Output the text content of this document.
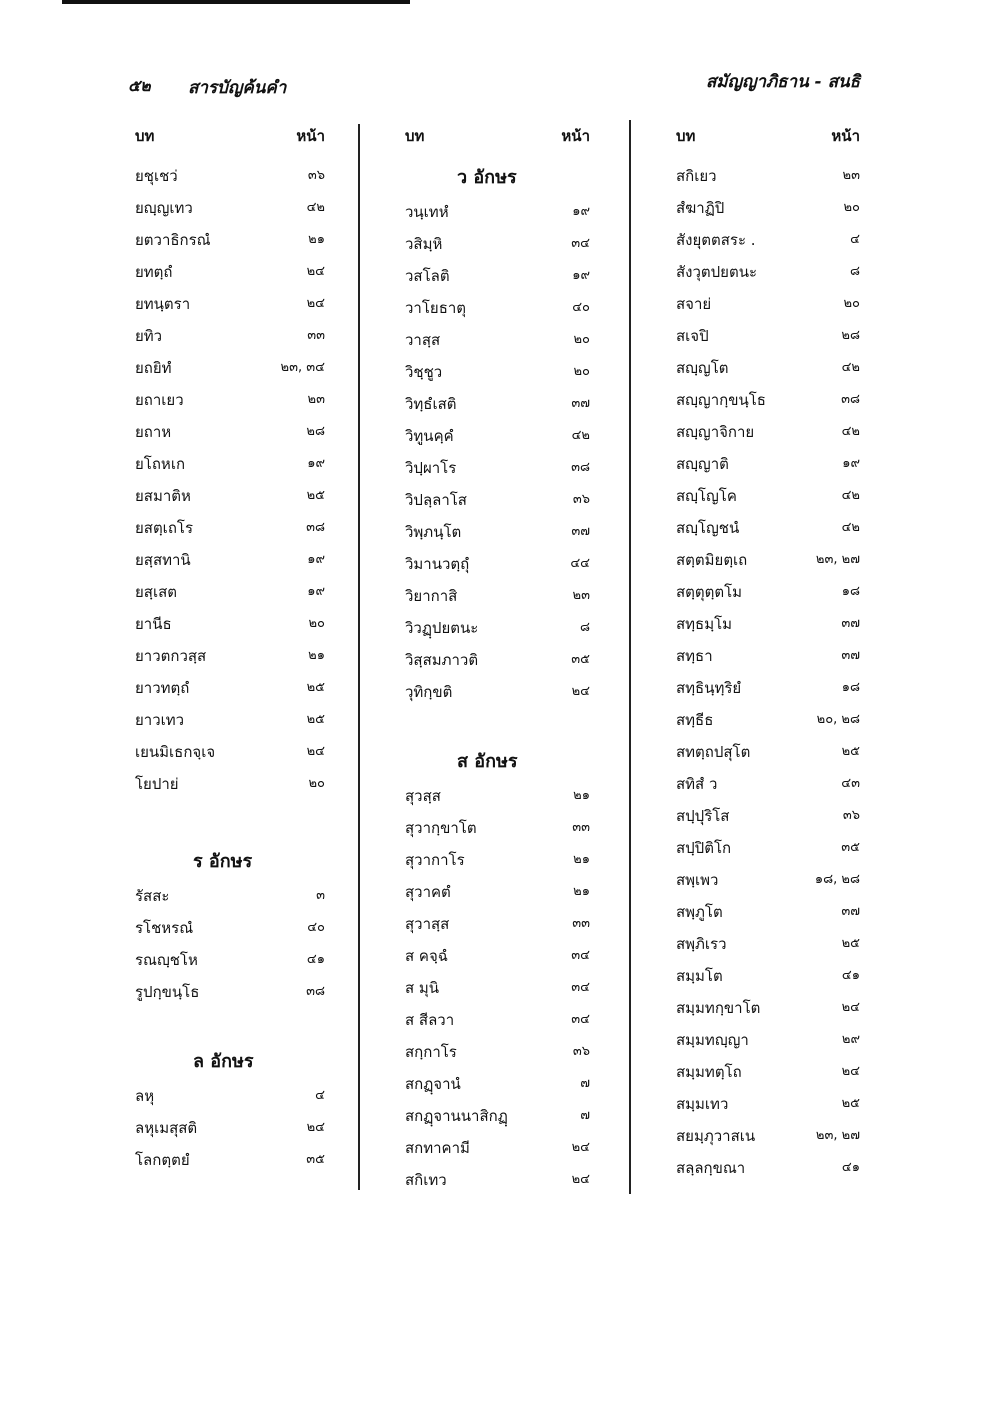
๕๒ สารบัญค้นคำ	สมัญญาภิธาน - สนธิ
บท	หน้า
ยชุเชว่	๓๖
ยญฺญเทว	๔๒
ยตวาธิกรณํ	๒๑
ยทตฺถํ	๒๔
ยทนฺตรา	๒๔
ยทิว	๓๓
ยถยิทํ	๒๓, ๓๔
ยถาเยว	๒๓
ยถาห	๒๘
ยโถหเก	๑๙
ยสมาติห	๒๕
ยสตฺเถโร	๓๘
ยสฺสทานิ	๑๙
ยสฺเสต	๑๙
ยานีธ	๒๐
ยาวตกวสฺส	๒๑
ยาวทตฺถํ	๒๕
ยาวเทว	๒๕
เยนมิเธกจฺเจ	๒๔
โยปาย่	๒๐
ร อักษร
รัสสะ	๓
รโชหรณํ	๔๐
รณญฺชโห	๔๑
รูปกฺขนฺโธ	๓๘
ล อักษร
ลหุ	๔
ลหุเมสุสติ	๒๔
โลกตฺตยํ	๓๕
บท	หน้า
ว อักษร
วนฺเทหํ	๑๙
วสิมฺหิ	๓๔
วสโลติ	๑๙
วาโยธาตุ	๔๐
วาสฺส	๒๐
วิชฺชูว	๒๐
วิทฺธํเสติ	๓๗
วิทูนคฺคํ	๔๒
วิปฺผาโร	๓๘
วิปลฺลาโส	๓๖
วิพฺภนฺโต	๓๗
วิมานวตฺถุํ	๔๔
วิยากาสิ	๒๓
วิวฏฺปยตนะ	๘
วิสฺสมภาวติ	๓๕
วุทิกฺขติ	๒๔
ส อักษร
สุวสฺส	๒๑
สุวากฺขาโต	๓๓
สุวากาโร	๒๑
สุวาคตํ	๒๑
สุวาสฺส	๓๓
ส คจฺฉํ	๓๔
ส มุนิ	๓๔
ส สีลวา	๓๔
สกฺกาโร	๓๖
สกฏฺจานํ	๗
สกฏฺจานนาสิกฏฺ	๗
สกทาคามี	๒๔
สกิเทว	๒๔
บท	หน้า
สกิเยว	๒๓
สํฆาฏิปิ	๒๐
สังยุตตสระ .	๔
สังวุตปยตนะ	๘
สจาย่	๒๐
สเจปิ	๒๘
สญฺญโต	๔๒
สญฺญากฺขนฺโธ	๓๘
สญฺญาจิกาย	๔๒
สญฺญาติ	๑๙
สญฺโญโค	๔๒
สญฺโญชนํ	๔๒
สตฺตมิยตฺเถ	๒๓, ๒๗
สตฺตุตฺตโม	๑๘
สทฺธมฺโม	๓๗
สทฺธา	๓๗
สทฺธินฺทฺริยํ	๑๘
สทฺธีธ	๒๐, ๒๘
สทตฺถปสุโต	๒๕
สทิสํ ว	๔๓
สปฺปุริโส	๓๖
สปฺปิติโก	๓๕
สพฺเพว	๑๘, ๒๘
สพฺภูโต	๓๗
สพฺภิเรว	๒๕
สมฺมโต	๔๑
สมฺมทกฺขาโต	๒๔
สมฺมทญฺญา	๒๙
สมฺมทตฺโถ	๒๔
สมฺมเทว	๒๕
สยมฺภุวาสเน	๒๓, ๒๗
สลฺลกฺขณา	๔๑
